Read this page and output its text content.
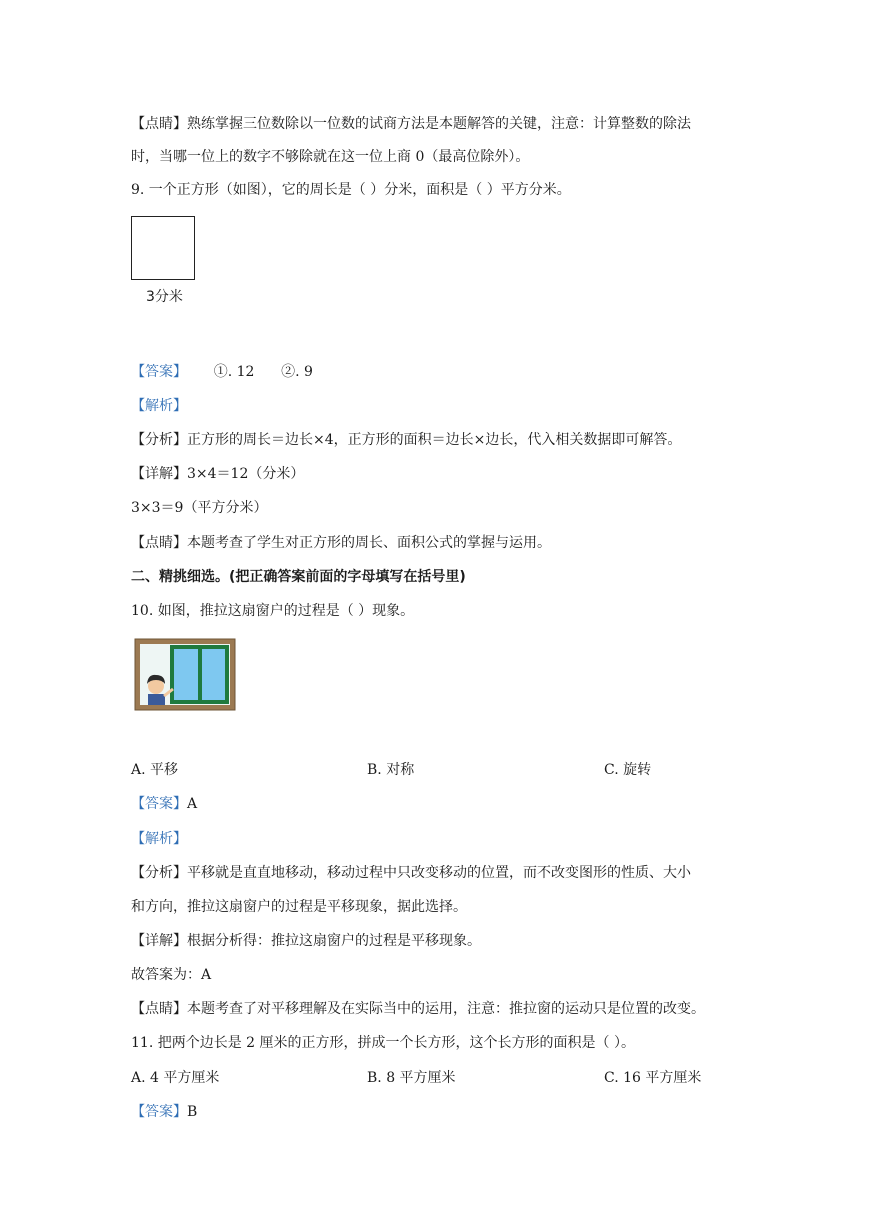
【点睛】熟练掌握三位数除以一位数的试商方法是本题解答的关键，注意：计算整数的除法
时，当哪一位上的数字不够除就在这一位上商 0（最高位除外）。
9. 一个正方形（如图），它的周长是（ ）分米，面积是（ ）平方分米。
3分米
【答案】      ①. 12      ②. 9
【解析】
【分析】正方形的周长＝边长×4，正方形的面积＝边长×边长，代入相关数据即可解答。
【详解】3×4＝12（分米）
3×3＝9（平方分米）
【点睛】本题考查了学生对正方形的周长、面积公式的掌握与运用。
二、精挑细选。(把正确答案前面的字母填写在括号里)
10. 如图，推拉这扇窗户的过程是（ ）现象。
A. 平移	B. 对称	C. 旋转
【答案】A
【解析】
【分析】平移就是直直地移动，移动过程中只改变移动的位置，而不改变图形的性质、大小
和方向，推拉这扇窗户的过程是平移现象，据此选择。
【详解】根据分析得：推拉这扇窗户的过程是平移现象。
故答案为：A
【点睛】本题考查了对平移理解及在实际当中的运用，注意：推拉窗的运动只是位置的改变。
11. 把两个边长是 2 厘米的正方形，拼成一个长方形，这个长方形的面积是（ ）。
A. 4 平方厘米	B. 8 平方厘米	C. 16 平方厘米
【答案】B
